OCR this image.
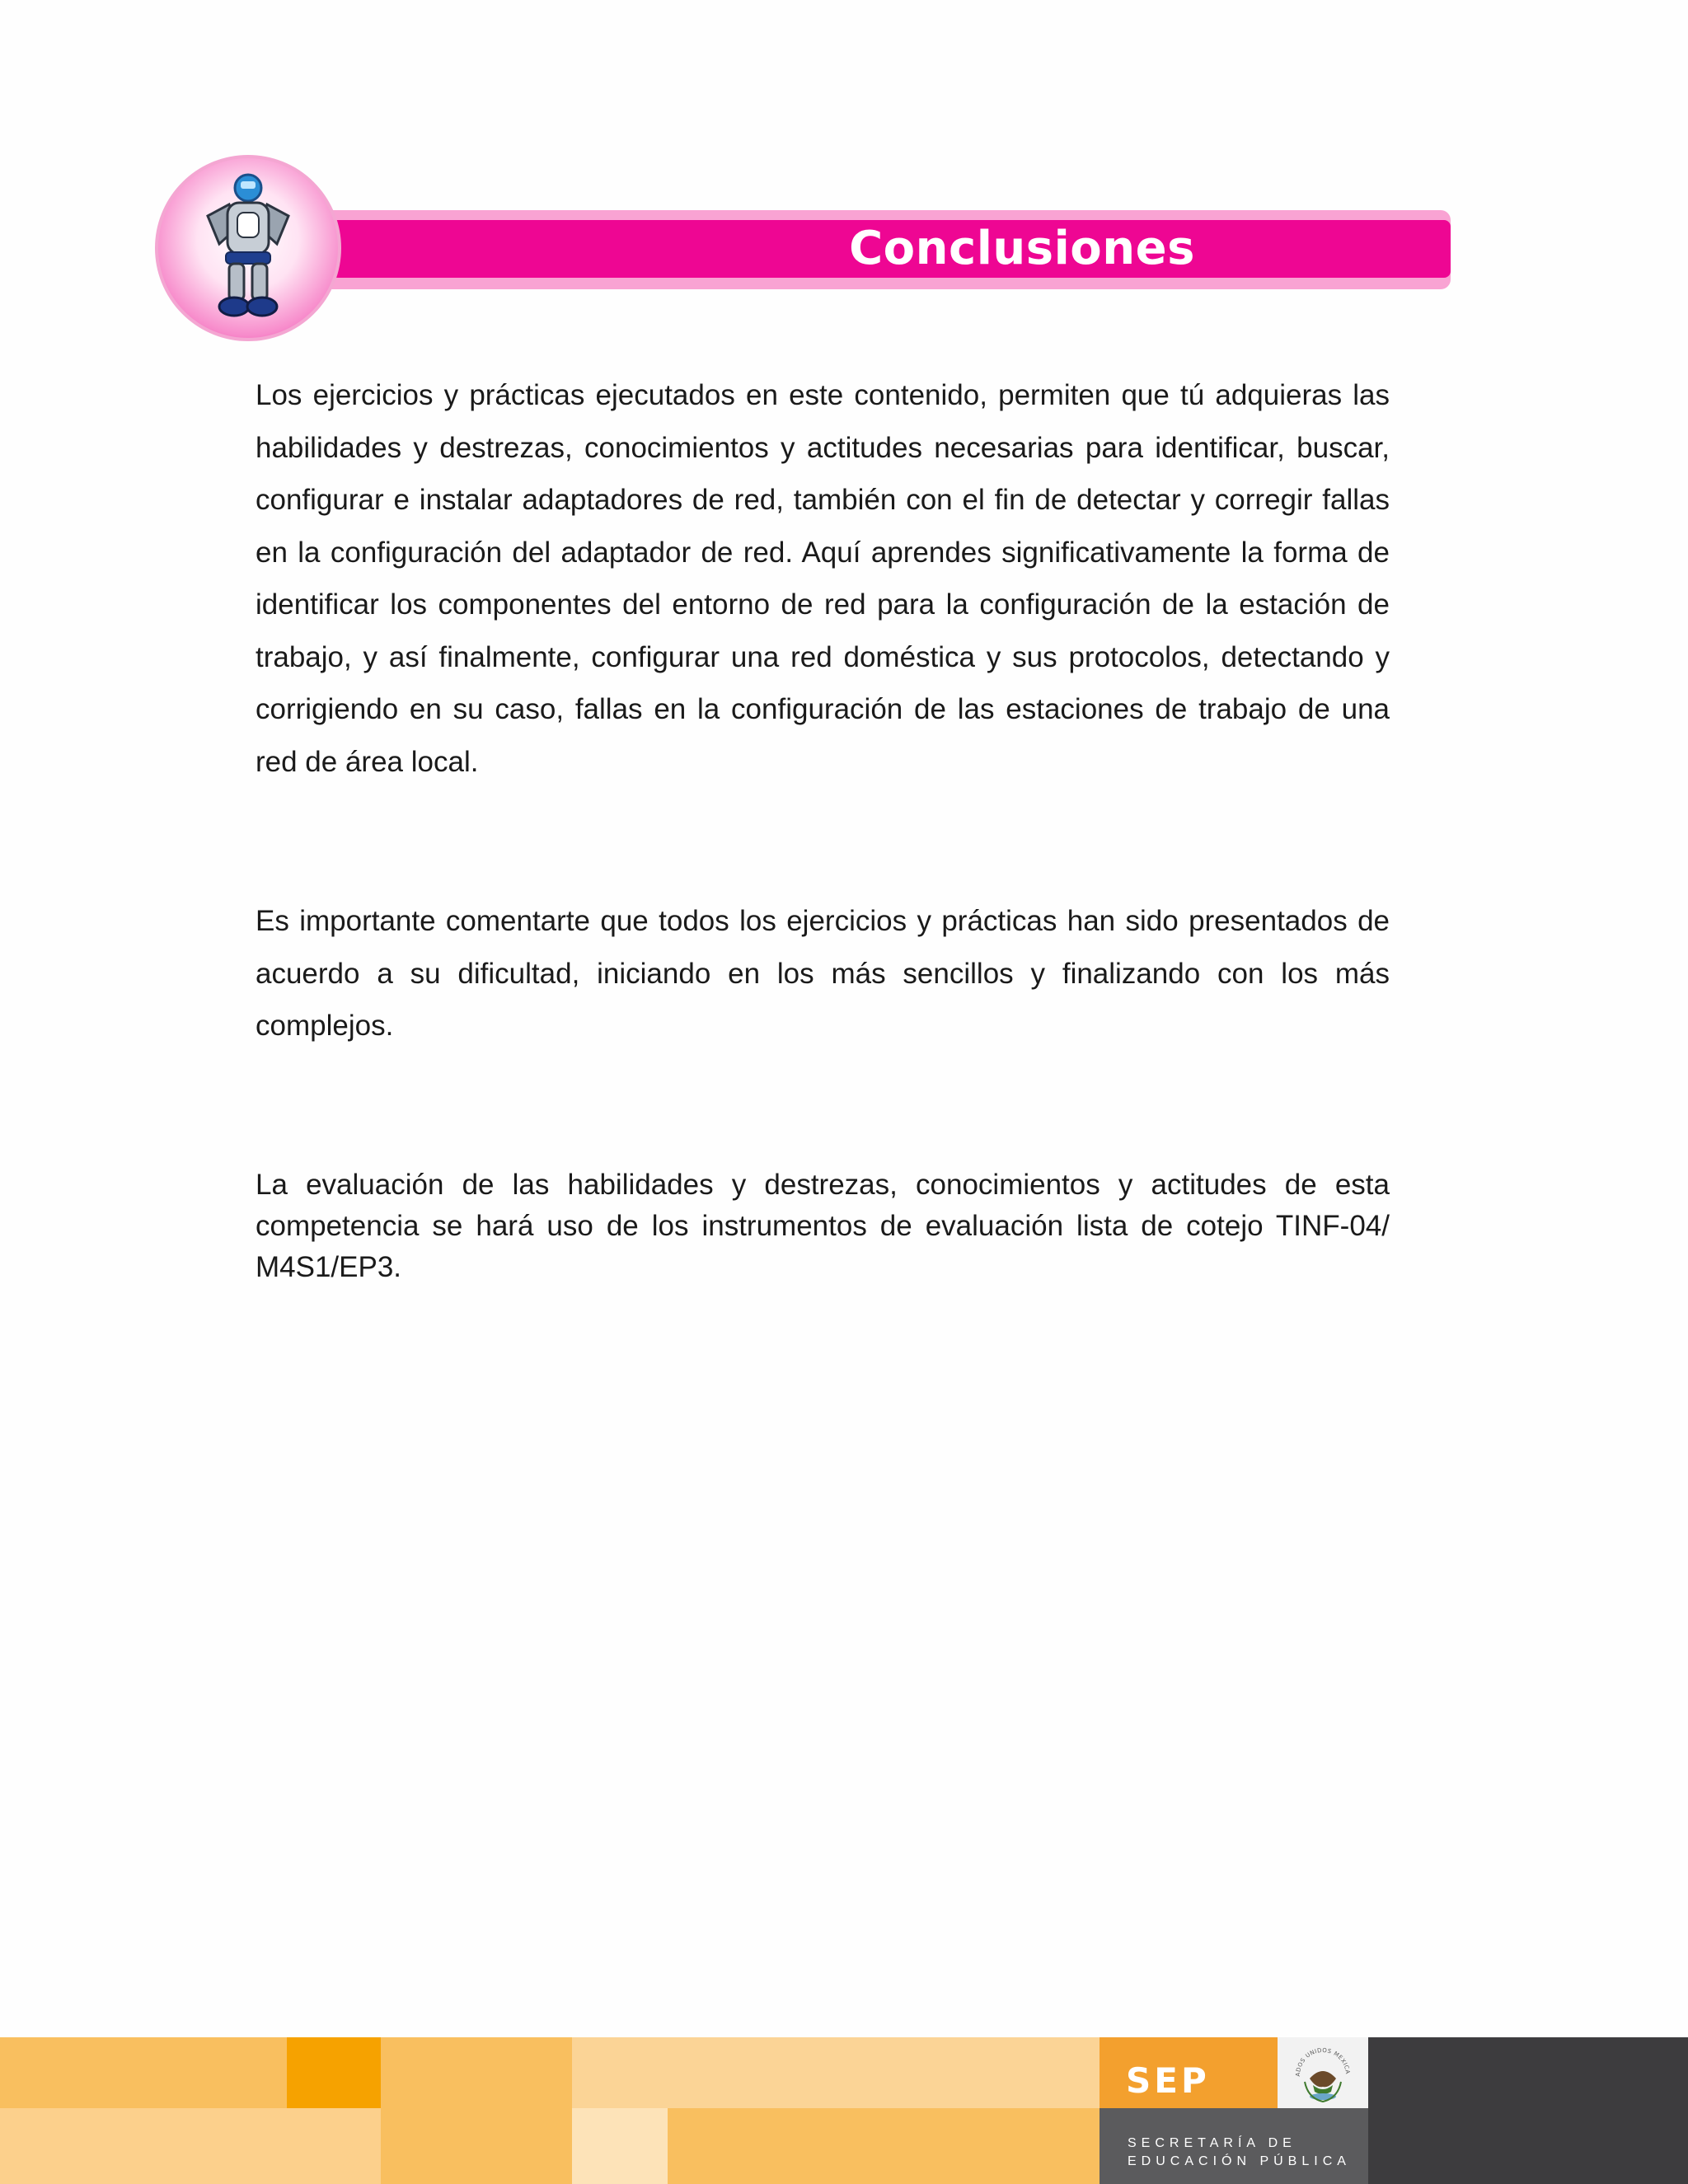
Conclusiones

Los ejercicios y prácticas ejecutados en este contenido, permiten que tú adquieras las habilidades y destrezas, conocimientos y actitudes necesarias para identificar, buscar, configurar e instalar adaptadores de red, también con el fin de detectar y corregir fallas en la configuración del adaptador de red. Aquí aprendes significativamente la forma de identificar los componentes del entorno de red para la configuración de la estación de trabajo, y así finalmente, configurar una red doméstica y sus protocolos, detectando y corrigiendo en su caso, fallas en la configuración de las estaciones de trabajo de una red de área local.

Es importante comentarte que todos los ejercicios y prácticas han sido presentados de acuerdo a su dificultad, iniciando en los más sencillos y finalizando con los más complejos.

La evaluación de las habilidades y destrezas, conocimientos y actitudes de esta competencia se hará uso de los instrumentos de evaluación lista de cotejo TINF-04/ M4S1/EP3.

SEP	ADOS UNIDOS MEXICA
SECRETARÍA DE
EDUCACIÓN PÚBLICA
